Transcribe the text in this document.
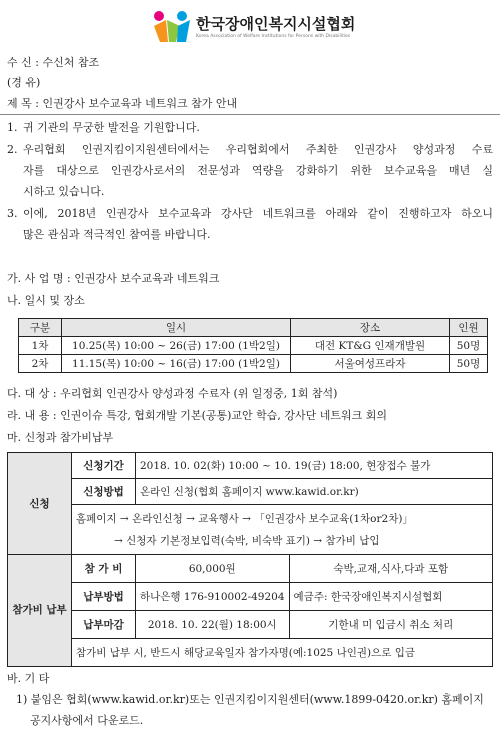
한국장애인복지시설협회
Korea Association of Welfare Institutions for Persons with Disabilities
수 신 : 수신처 참조
(경 유)
제 목 : 인권강사 보수교육과 네트워크 참가 안내
1. 귀 기관의 무궁한 발전을 기원합니다.
2. 우리협회 인권지킴이지원센터에서는 우리협회에서 주최한 인권강사 양성과정 수료
자를 대상으로 인권강사로서의 전문성과 역량을 강화하기 위한 보수교육을 매년 실
시하고 있습니다.
3. 이에, 2018년 인권강사 보수교육과 강사단 네트워크를 아래와 같이 진행하고자 하오니
많은 관심과 적극적인 참여를 바랍니다.
가. 사 업 명 : 인권강사 보수교육과 네트워크
나. 일시 및 장소
구분	일시	장소	인원
1차	10.25(목) 10:00 ~ 26(금) 17:00 (1박2일)	대전 KT&G 인재개발원	50명
2차	11.15(목) 10:00 ~ 16(금) 17:00 (1박2일)	서울여성프라자	50명
다. 대 상 : 우리협회 인권강사 양성과정 수료자 (위 일정중, 1회 참석)
라. 내 용 : 인권이슈 특강, 협회개발 기본(공통)교안 학습, 강사단 네트워크 회의
마. 신청과 참가비납부
신청	신청기간	2018. 10. 02(화) 10:00 ~ 10. 19(금) 18:00, 현장접수 불가	
	신청방법	온라인 신청(협회 홈페이지 www.kawid.or.kr)	

	홈페이지 → 온라인신청 → 교육행사 → 「인권강사 보수교육(1차or2차)」
→ 신청자 기본정보입력(숙박, 비숙박 표기) → 참가비 납입		

참가비 납부	참 가 비	60,000원	숙박,교재,식사,다과 포함
	납부방법	하나은행 176-910002-49204	예금주: 한국장애인복지시설협회
	납부마감	2018. 10. 22(월) 18:00시	기한내 미 입금시 취소 처리
	참가비 납부 시, 반드시 해당교육일자 참가자명(예:1025 나인권)으로 입금		
바. 기 타
1) 붙임은 협회(www.kawid.or.kr)또는 인권지킴이지원센터(www.1899-0420.or.kr) 홈페이지
공지사항에서 다운로드.
